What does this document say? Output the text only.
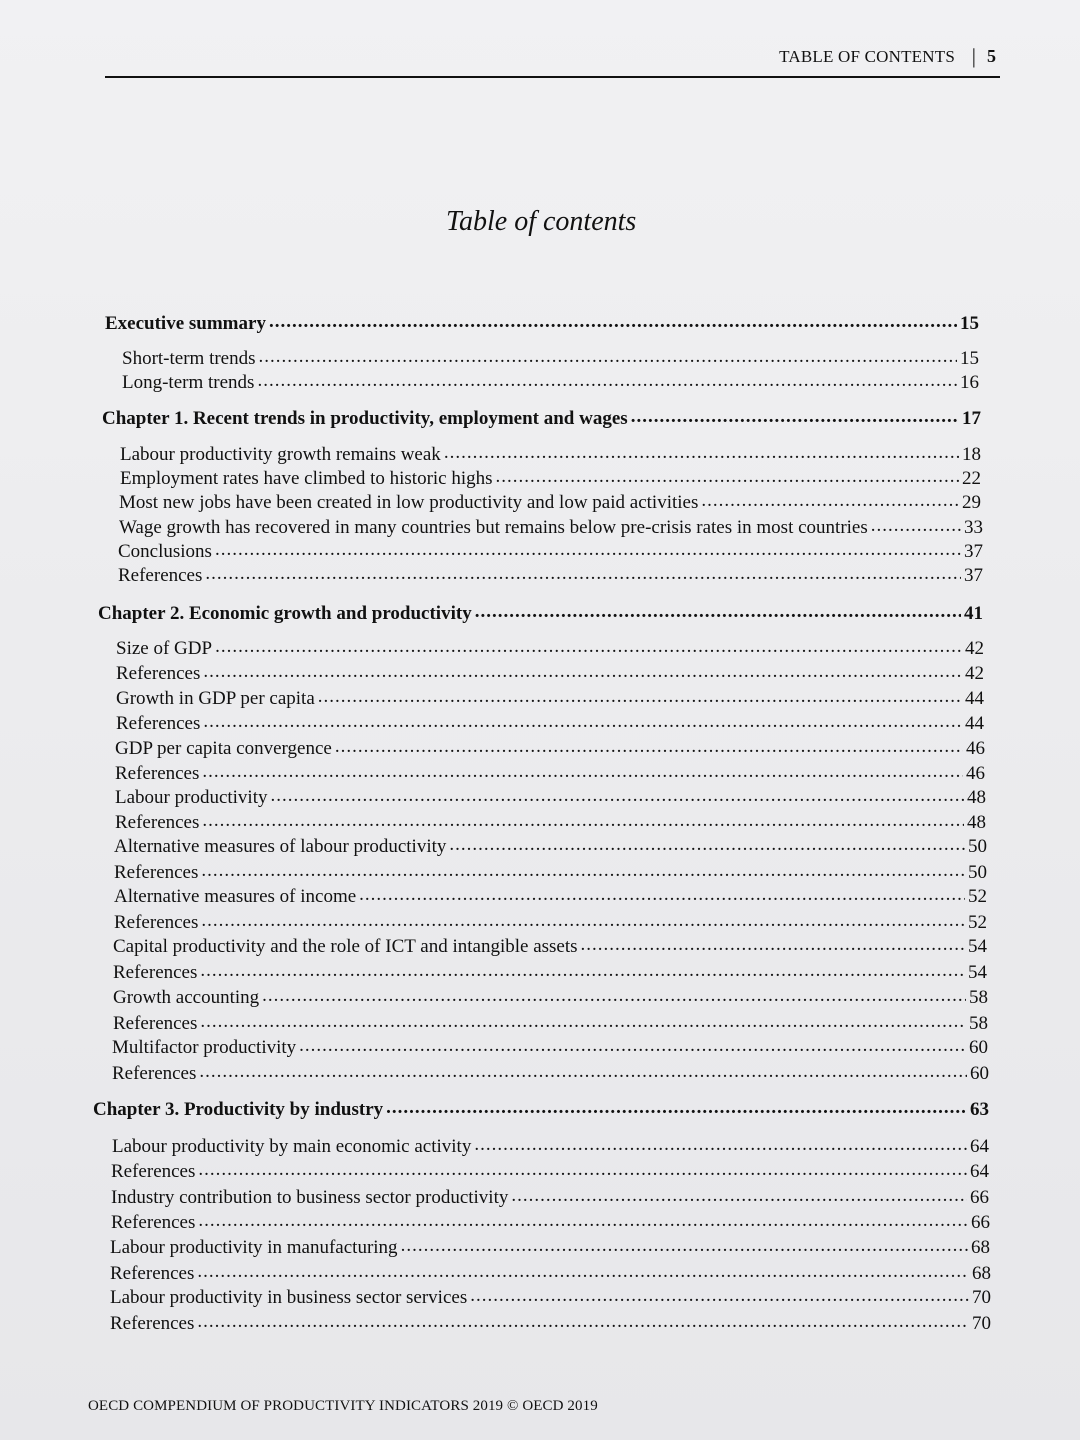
TABLE OF CONTENTS | 5
Table of contents
Executive summary .....	15
Short-term trends .....	15
Long-term trends .....	16
Chapter 1. Recent trends in productivity, employment and wages .....	17
Labour productivity growth remains weak .....	18
Employment rates have climbed to historic highs .....	22
Most new jobs have been created in low productivity and low paid activities .....	29
Wage growth has recovered in many countries but remains below pre-crisis rates in most countries .....	33
Conclusions .....	37
References .....	37
Chapter 2. Economic growth and productivity .....	41
Size of GDP .....	42
References .....	42
Growth in GDP per capita .....	44
References .....	44
GDP per capita convergence .....	46
References .....	46
Labour productivity .....	48
References .....	48
Alternative measures of labour productivity .....	50
References .....	50
Alternative measures of income .....	52
References .....	52
Capital productivity and the role of ICT and intangible assets .....	54
References .....	54
Growth accounting .....	58
References .....	58
Multifactor productivity .....	60
References .....	60
Chapter 3. Productivity by industry .....	63
Labour productivity by main economic activity .....	64
References .....	64
Industry contribution to business sector productivity .....	66
References .....	66
Labour productivity in manufacturing .....	68
References .....	68
Labour productivity in business sector services .....	70
References .....	70
OECD COMPENDIUM OF PRODUCTIVITY INDICATORS 2019 © OECD 2019
